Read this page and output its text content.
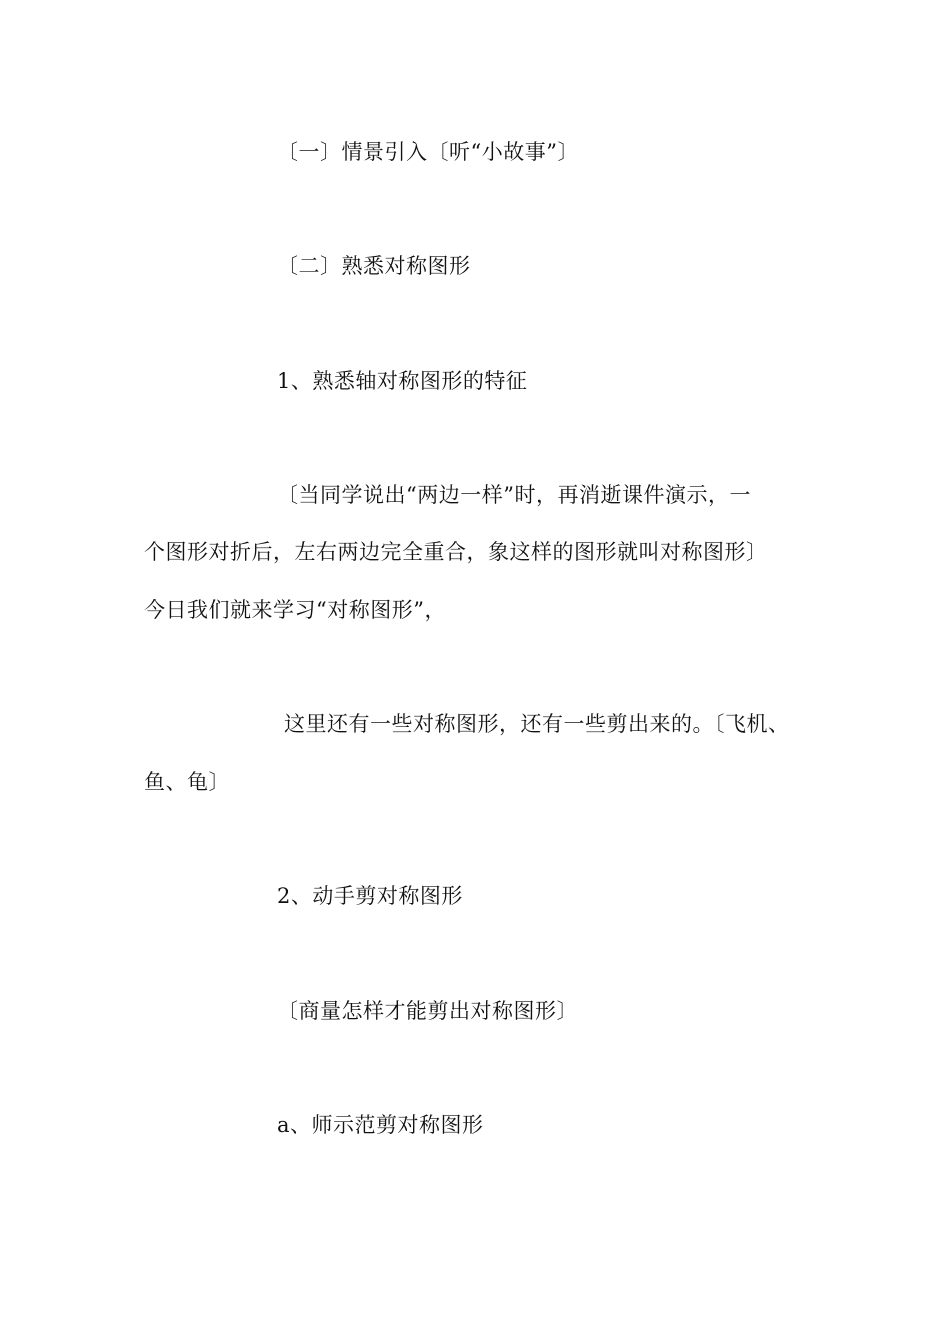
〔一〕情景引入〔听“小故事”〕
〔二〕熟悉对称图形
1、熟悉轴对称图形的特征
〔当同学说出“两边一样”时，再消逝课件演示，一
个图形对折后，左右两边完全重合，象这样的图形就叫对称图形〕
今日我们就来学习“对称图形”，
这里还有一些对称图形，还有一些剪出来的。〔飞机、
鱼、龟〕
2、动手剪对称图形
〔商量怎样才能剪出对称图形〕
a、师示范剪对称图形
